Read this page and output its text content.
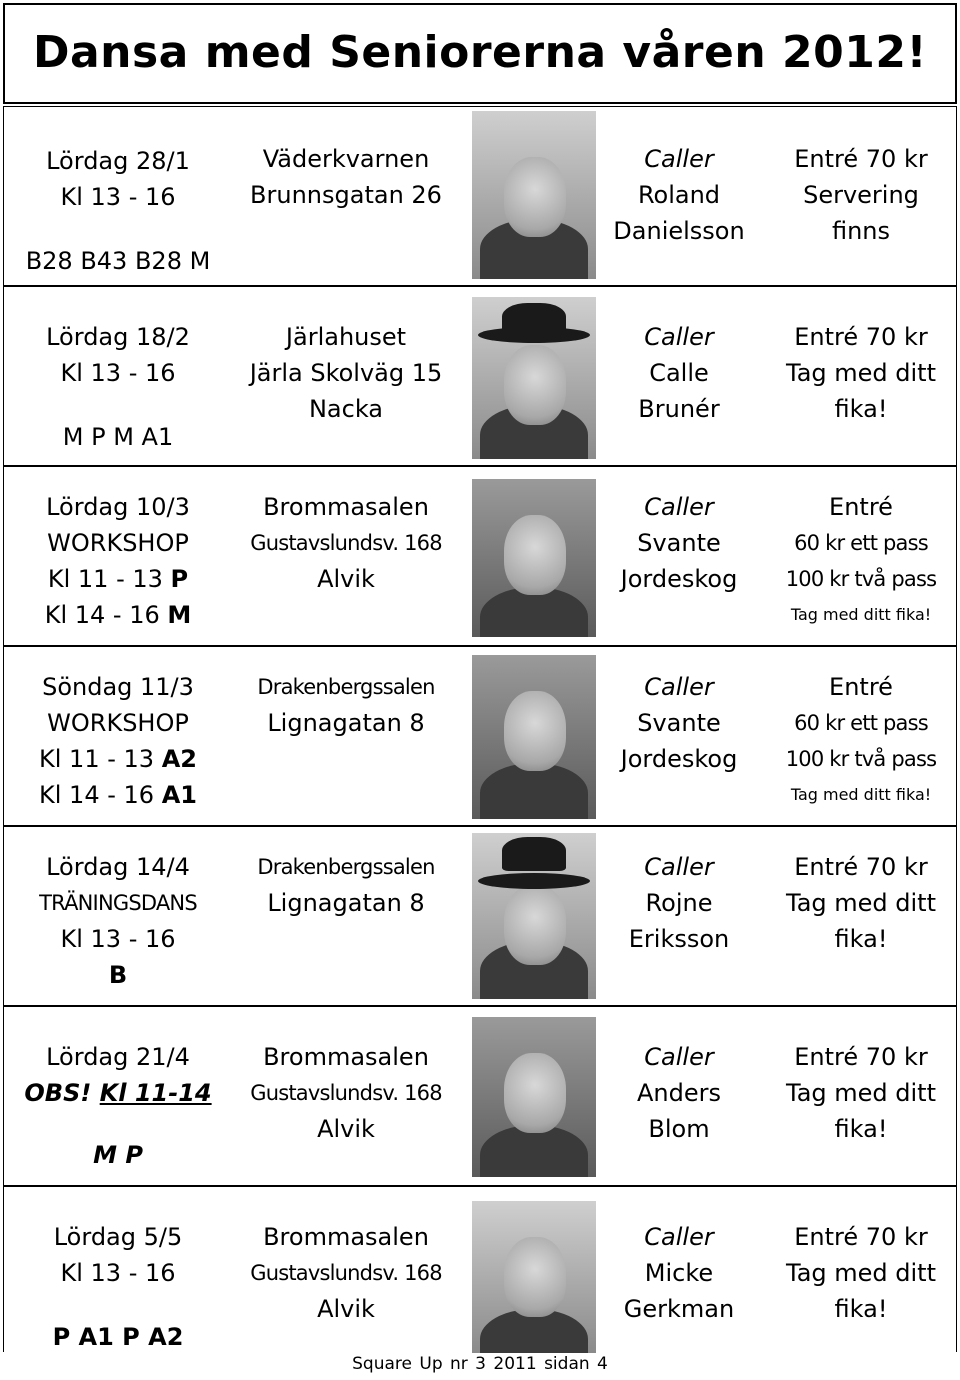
Dansa med Seniorerna våren 2012!
Lördag 28/1
Kl 13 - 16
B28 B43 B28 M
Väderkvarnen
Brunnsgatan 26
Caller
Roland
Danielsson
Entré 70 kr
Servering
finns
Lördag 18/2
Kl 13 - 16
M P M A1
Järlahuset
Järla Skolväg 15
Nacka
Caller
Calle
Brunér
Entré 70 kr
Tag med ditt
fika!
Lördag 10/3
WORKSHOP
Kl 11 - 13 P
Kl 14 - 16 M
Brommasalen
Gustavslundsv. 168
Alvik
Caller
Svante
Jordeskog
Entré
60 kr ett pass
100 kr två pass
Tag med ditt fika!
Söndag 11/3
WORKSHOP
Kl 11 - 13 A2
Kl 14 - 16 A1
Drakenbergssalen
Lignagatan 8
Caller
Svante
Jordeskog
Entré
60 kr ett pass
100 kr två pass
Tag med ditt fika!
Lördag 14/4
TRÄNINGSDANS
Kl 13 - 16
B
Drakenbergssalen
Lignagatan 8
Caller
Rojne
Eriksson
Entré 70 kr
Tag med ditt
fika!
Lördag 21/4
OBS! Kl 11-14
M P
Brommasalen
Gustavslundsv. 168
Alvik
Caller
Anders
Blom
Entré 70 kr
Tag med ditt
fika!
Lördag 5/5
Kl 13 - 16
P A1 P A2
Brommasalen
Gustavslundsv. 168
Alvik
Caller
Micke
Gerkman
Entré 70 kr
Tag med ditt
fika!
Square Up nr 3 2011 sidan 4
